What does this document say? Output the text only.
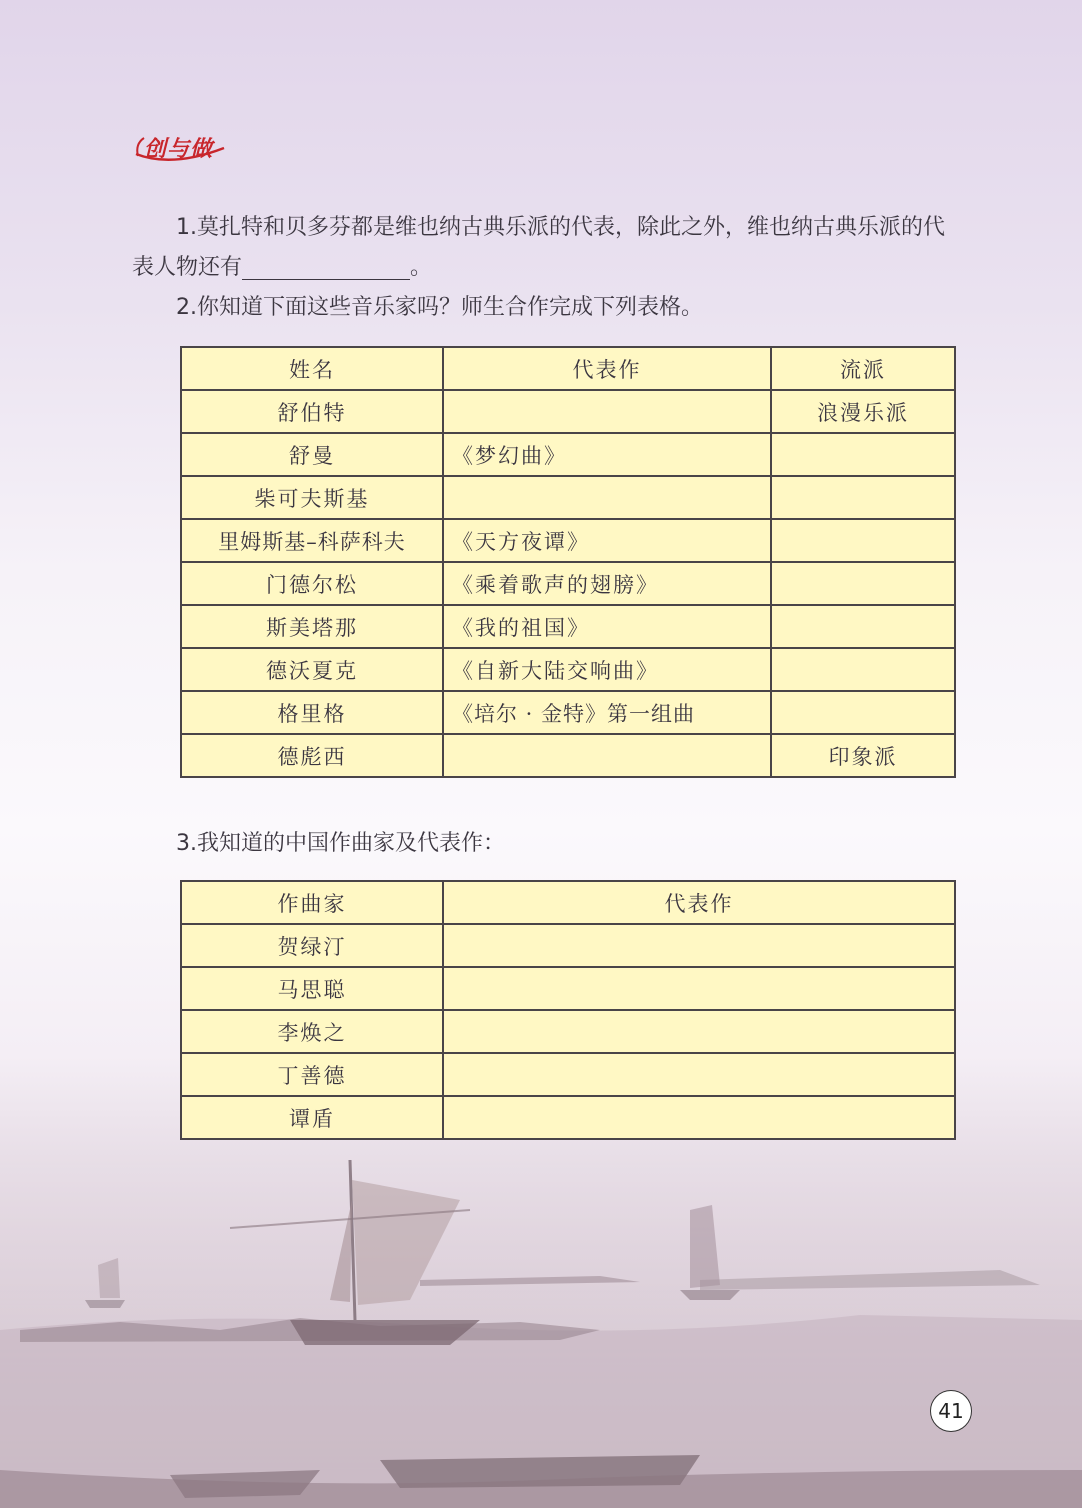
创与做

1.莫扎特和贝多芬都是维也纳古典乐派的代表，除此之外，维也纳古典乐派的代表人物还有	。

2.你知道下面这些音乐家吗？师生合作完成下列表格。

姓名	代表作	流派
舒伯特		浪漫乐派
舒曼	《梦幻曲》	
柴可夫斯基		
里姆斯基–科萨科夫	《天方夜谭》	
门德尔松	《乘着歌声的翅膀》	
斯美塔那	《我的祖国》	
德沃夏克	《自新大陆交响曲》	
格里格	《培尔 · 金特》第一组曲	
德彪西		印象派

3.我知道的中国作曲家及代表作：

作曲家	代表作
贺绿汀	
马思聪	
李焕之	
丁善德	
谭盾	
41
